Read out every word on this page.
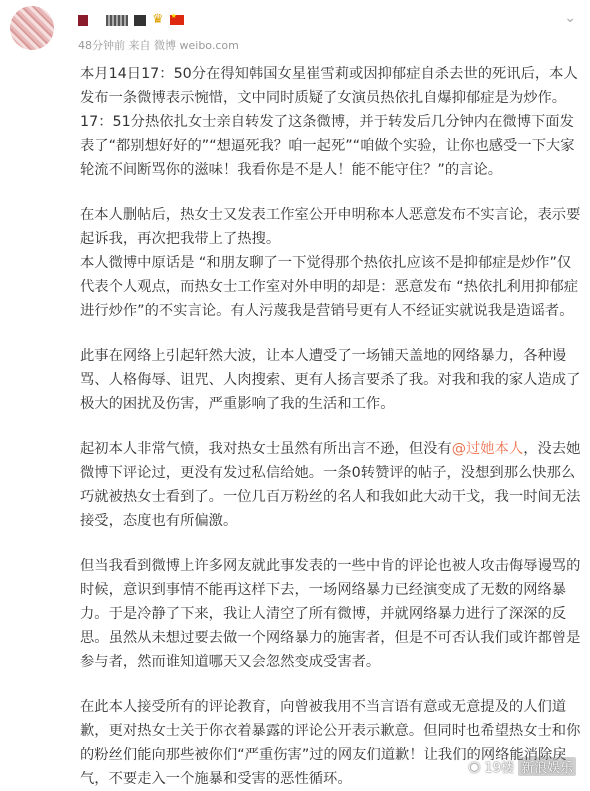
♛
★
48分钟前 来自 微博 weibo.com
⌄

本月14日17：50分在得知韩国女星崔雪莉或因抑郁症自杀去世的死讯后，本人发布一条微博表示惋惜，文中同时质疑了女演员热依扎自爆抑郁症是为炒作。

17：51分热依扎女士亲自转发了这条微博，并于转发后几分钟内在微博下面发表了“都别想好好的”“想逼死我？咱一起死”“咱做个实验，让你也感受一下大家轮流不间断骂你的滋味！我看你是不是人！能不能守住？”的言论。

在本人删帖后，热女士又发表工作室公开申明称本人恶意发布不实言论，表示要起诉我，再次把我带上了热搜。

本人微博中原话是 “和朋友聊了一下觉得那个热依扎应该不是抑郁症是炒作”仅代表个人观点，而热女士工作室对外申明的却是：恶意发布 “热依扎利用抑郁症进行炒作”的不实言论。有人污蔑我是营销号更有人不经证实就说我是造谣者。

此事在网络上引起轩然大波，让本人遭受了一场铺天盖地的网络暴力，各种谩骂、人格侮辱、诅咒、人肉搜索、更有人扬言要杀了我。对我和我的家人造成了极大的困扰及伤害，严重影响了我的生活和工作。

起初本人非常气愤，我对热女士虽然有所出言不逊，但没有@过她本人，没去她微博下评论过，更没有发过私信给她。一条0转赞评的帖子，没想到那么快那么巧就被热女士看到了。一位几百万粉丝的名人和我如此大动干戈，我一时间无法接受，态度也有所偏激。

但当我看到微博上许多网友就此事发表的一些中肯的评论也被人攻击侮辱谩骂的时候，意识到事情不能再这样下去，一场网络暴力已经演变成了无数的网络暴力。于是冷静了下来，我让人清空了所有微博，并就网络暴力进行了深深的反思。虽然从未想过要去做一个网络暴力的施害者，但是不可否认我们或许都曾是参与者，然而谁知道哪天又会忽然变成受害者。

在此本人接受所有的评论教育，向曾被我用不当言语有意或无意提及的人们道歉，更对热女士关于你衣着暴露的评论公开表示歉意。但同时也希望热女士和你的粉丝们能向那些被你们“严重伤害”过的网友们道歉！让我们的网络能消除戾气，不要走入一个施暴和受害的恶性循环。

◉ 19楼 新浪娱乐
